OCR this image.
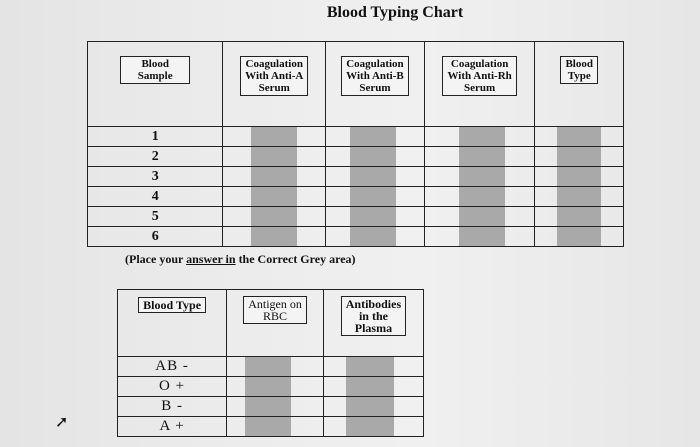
Blood Typing Chart
Blood
Sample	Coagulation
With Anti-A
Serum	Coagulation
With Anti-B
Serum	Coagulation
With Anti-Rh
Serum	Blood
Type
1	

2	

3	

4	

5	

6	

(Place your answer in the Correct Grey area)
Blood Type	Antigen on
RBC	Antibodies
in the
Plasma
AB -	

O +	

B -	

A +	

➚
